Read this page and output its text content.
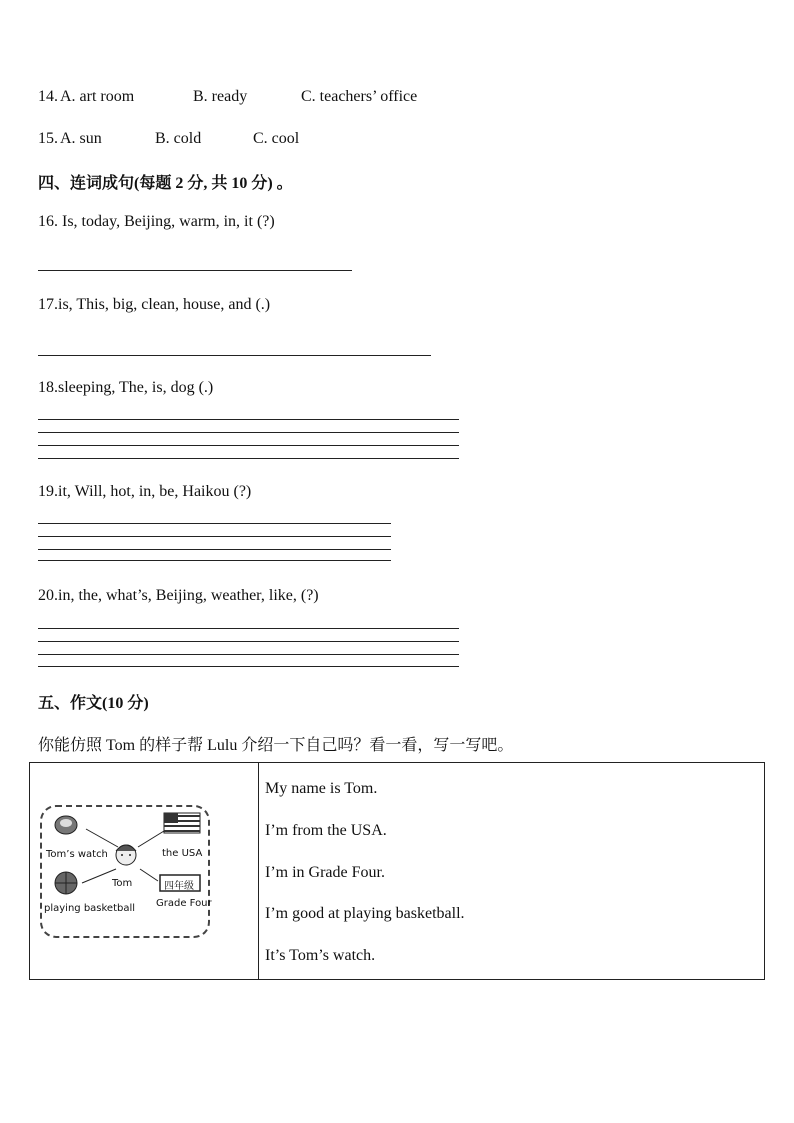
14. A. art room	B. ready	C. teachers’ office
15. A. sun	B. cold	C. cool
四、连词成句(每题 2 分, 共 10 分) 。
16. Is, today, Beijing, warm, in, it (?)
17.is, This, big, clean, house, and (.)
18.sleeping, The, is, dog (.)
19.it, Will, hot, in, be, Haikou (?)
20.in, the, what’s, Beijing, weather, like, (?)
五、作文(10 分)
你能仿照 Tom 的样子帮 Lulu 介绍一下自己吗？看一看，写一写吧。
Tom’s watch	the USA
Tom
playing basketball
四年级
Grade Four
My name is Tom.
I’m from the USA.
I’m in Grade Four.
I’m good at playing basketball.
It’s Tom’s watch.
